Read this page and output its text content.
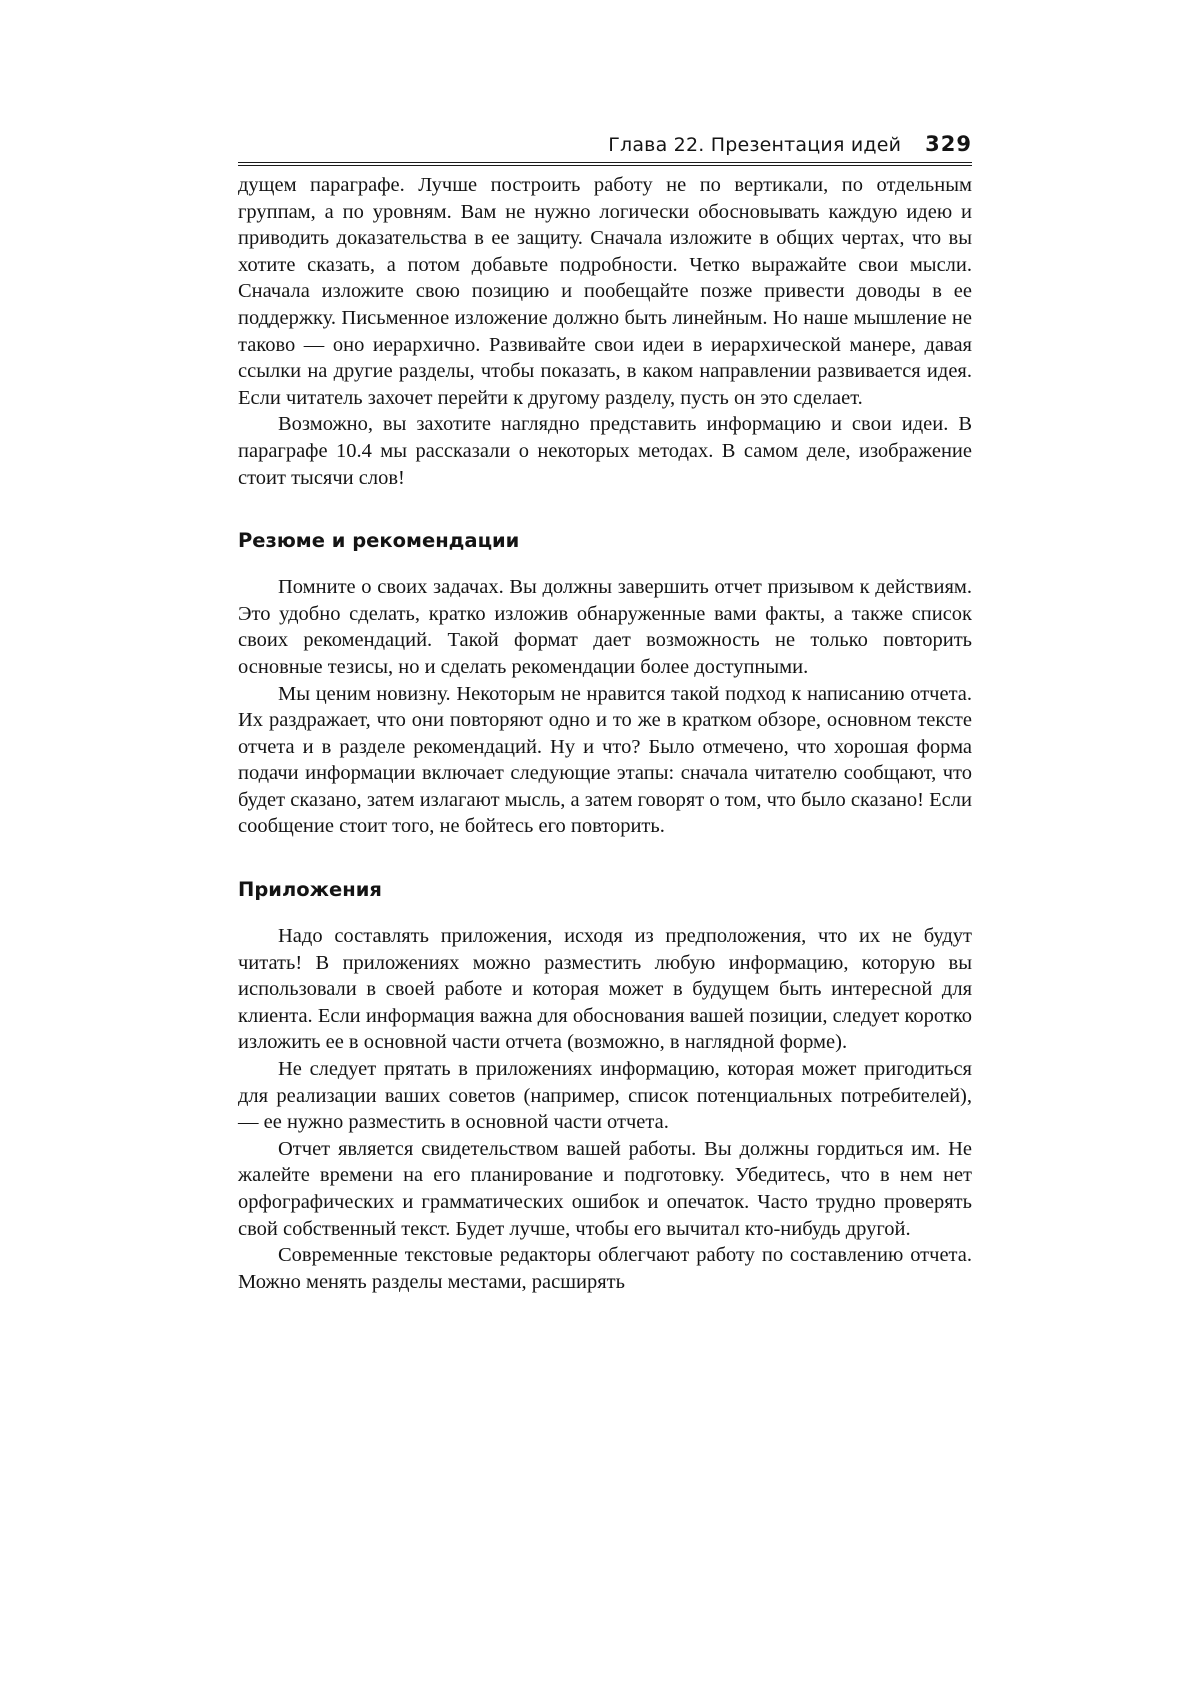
Глава 22. Презентация идей 329

дущем параграфе. Лучше построить работу не по вертикали, по отдельным группам, а по уровням. Вам не нужно логически обосновывать каждую идею и приводить доказательства в ее защиту. Сначала изложите в общих чертах, что вы хотите сказать, а потом добавьте подробности. Четко выражайте свои мысли. Сначала изложите свою позицию и пообещайте позже привести доводы в ее поддержку. Письменное изложение должно быть линейным. Но наше мышление не таково — оно иерархично. Развивайте свои идеи в иерархической манере, давая ссылки на другие разделы, чтобы показать, в каком направлении развивается идея. Если читатель захочет перейти к другому разделу, пусть он это сделает.

Возможно, вы захотите наглядно представить информацию и свои идеи. В параграфе 10.4 мы рассказали о некоторых методах. В самом деле, изображение стоит тысячи слов!

Резюме и рекомендации

Помните о своих задачах. Вы должны завершить отчет призывом к действиям. Это удобно сделать, кратко изложив обнаруженные вами факты, а также список своих рекомендаций. Такой формат дает возможность не только повторить основные тезисы, но и сделать рекомендации более доступными.

Мы ценим новизну. Некоторым не нравится такой подход к написанию отчета. Их раздражает, что они повторяют одно и то же в кратком обзоре, основном тексте отчета и в разделе рекомендаций. Ну и что? Было отмечено, что хорошая форма подачи информации включает следующие этапы: сначала читателю сообщают, что будет сказано, затем излагают мысль, а затем говорят о том, что было сказано! Если сообщение стоит того, не бойтесь его повторить.

Приложения

Надо составлять приложения, исходя из предположения, что их не будут читать! В приложениях можно разместить любую информацию, которую вы использовали в своей работе и которая может в будущем быть интересной для клиента. Если информация важна для обоснования вашей позиции, следует коротко изложить ее в основной части отчета (возможно, в наглядной форме).

Не следует прятать в приложениях информацию, которая может пригодиться для реализации ваших советов (например, список потенциальных потребителей), — ее нужно разместить в основной части отчета.

Отчет является свидетельством вашей работы. Вы должны гордиться им. Не жалейте времени на его планирование и подготовку. Убедитесь, что в нем нет орфографических и грамматических ошибок и опечаток. Часто трудно проверять свой собственный текст. Будет лучше, чтобы его вычитал кто-нибудь другой.

Современные текстовые редакторы облегчают работу по составлению отчета. Можно менять разделы местами, расширять
